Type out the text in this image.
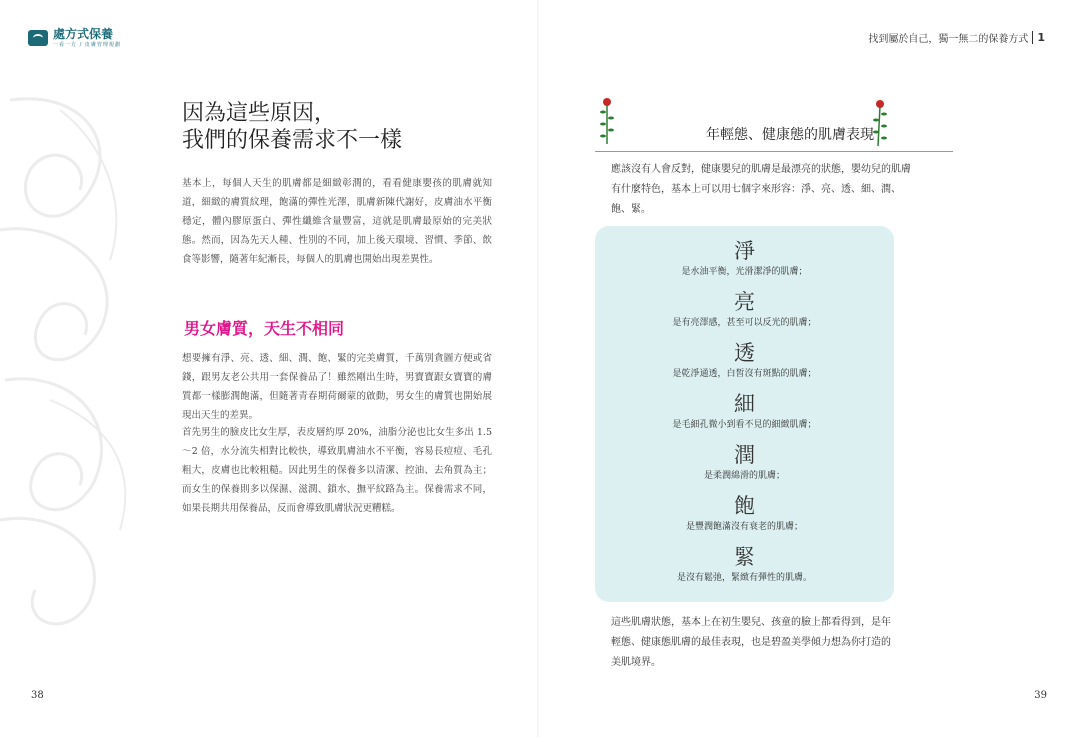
處方式保養
一看一方 / 皮膚管理規劃
因為這些原因，
我們的保養需求不一樣
基本上，每個人天生的肌膚都是細緻彰潤的，看看健康嬰孩的肌膚就知道，細緻的膚質紋理，飽滿的彈性光澤，肌膚新陳代謝好，皮膚油水平衡穩定，體內膠原蛋白、彈性纖維含量豐富，這就是肌膚最原始的完美狀態。然而，因為先天人種、性別的不同，加上後天環境、習慣、季節、飲食等影響，隨著年紀漸長，每個人的肌膚也開始出現差異性。
男女膚質，天生不相同
想要擁有淨、亮、透、細、潤、飽、緊的完美膚質，千萬別貪圖方便或省錢，跟男友老公共用一套保養品了！雖然剛出生時，男寶寶跟女寶寶的膚質都一樣膨潤飽滿，但隨著青春期荷爾蒙的啟動，男女生的膚質也開始展現出天生的差異。
首先男生的臉皮比女生厚，表皮層約厚 20%，油脂分泌也比女生多出 1.5～2 倍，水分流失相對比較快，導致肌膚油水不平衡，容易長痘痘、毛孔粗大，皮膚也比較粗糙。因此男生的保養多以清潔、控油、去角質為主；而女生的保養則多以保濕、滋潤、鎖水、撫平紋路為主。保養需求不同，如果長期共用保養品，反而會導致肌膚狀況更糟糕。
38
找到屬於自己，獨一無二的保養方式 1
年輕態、健康態的肌膚表現
39
應該沒有人會反對，健康嬰兒的肌膚是最漂亮的狀態，嬰幼兒的肌膚有什麼特色，基本上可以用七個字來形容：淨、亮、透、細、潤、飽、緊。
淨
是水油平衡，光滑潔淨的肌膚；
亮
是有亮澤感，甚至可以反光的肌膚；
透
是乾淨通透，白皙沒有斑點的肌膚；
細
是毛細孔微小到看不見的細緻肌膚；
潤
是柔潤綿滑的肌膚；
飽
是豐潤飽滿沒有衰老的肌膚；
緊
是沒有鬆弛，緊緻有彈性的肌膚。
這些肌膚狀態，基本上在初生嬰兒、孩童的臉上都看得到，是年輕態、健康態肌膚的最佳表現，也是碧盈美學傾力想為你打造的美肌境界。
